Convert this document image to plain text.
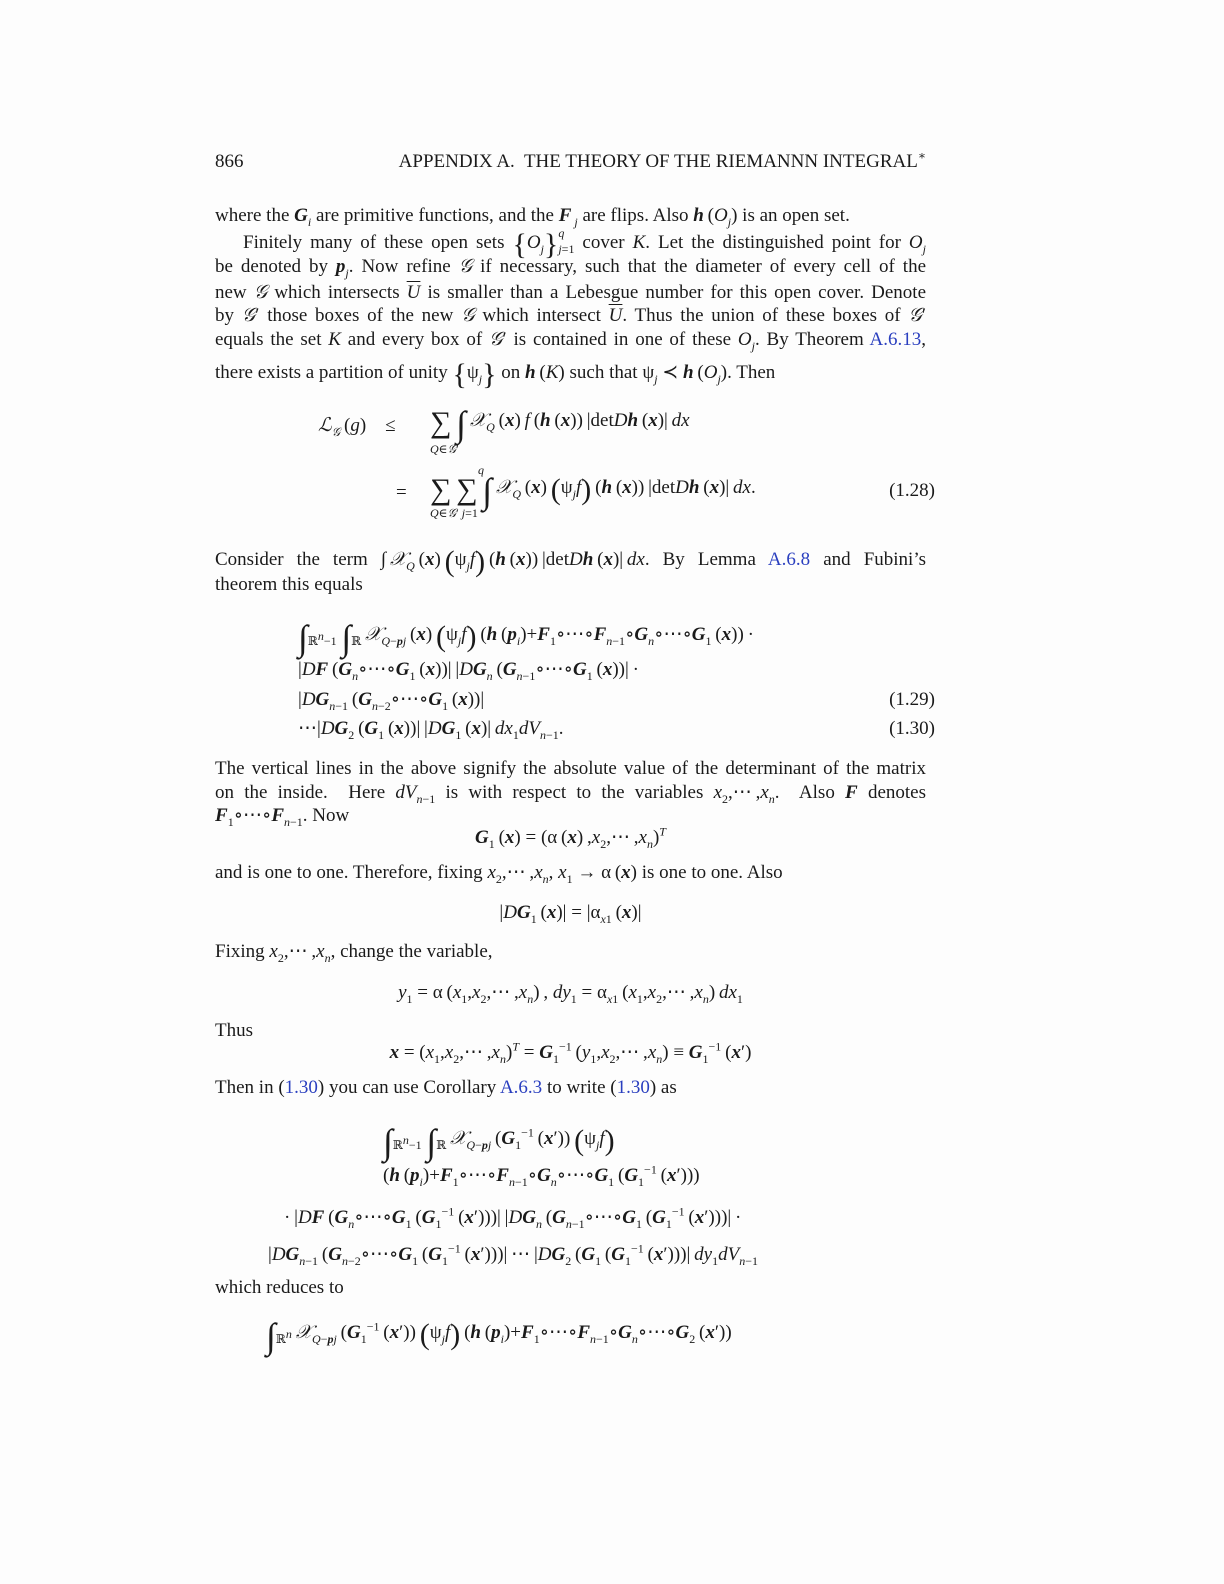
866	APPENDIX A.  THE THEORY OF THE RIEMANNN INTEGRAL∗
where the $G_i$ are primitive functions, and the F $_j$ are flips. Also h $(O_j)$ is an open set.
Finitely many of these open sets $\{O_j\}^q_{j=1}$ cover K. Let the distinguished point for $O_j$
be denoted by $p_j$. Now refine 𝒢 if necessary, such that the diameter of every cell of the
new 𝒢 which intersects $\overline{U}$ is smaller than a Lebesgue number for this open cover. Denote
by 𝒢′ those boxes of the new 𝒢 which intersect $\overline{U}$. Thus the union of these boxes of 𝒢′
equals the set K and every box of 𝒢′ is contained in one of these $O_j$. By Theorem A.6.13,
there exists a partition of unity $\{\psi_j\}$ on h (K) such that $\psi_j$ ≺ h $(O_j)$. Then
ℒ$_𝒢$ (g)    ≤ ∑ ∫  𝒳$_Q$ (x) f (h (x)) |detDh (x)| dx
Q∈𝒢′
=
q
∑ ∑ ∫  𝒳$_Q$ (x) $(\psi_jf)$ (h (x)) |detDh (x)| dx.
Q∈𝒢′ j=1
(1.28)
Consider the term ∫ 𝒳$_Q$ (x) $(\psi_jf)$ (h (x)) |detDh (x)| dx. By Lemma A.6.8 and Fubini’s
theorem this equals
$\int_{ℝ^n-1}$ $\int_ℝ$  𝒳$_{Q-pj}$ (x) $(\psi_jf)$ (h $(p_i)+F_1\circ\cdots\circ F_{n-1}\circ G_n\circ\cdots\circ G_1$ (x)) ·
|DF ($G_n\circ\cdots\circ G_1$ (x))| $|DG_n$ ($G_{n-1}\circ\cdots\circ G_1$ (x))| ·
$|DG_{n-1}$ ($G_{n-2}\circ\cdots\circ G_1$ (x))|	(1.29)
$\cdots|DG_2$ ($G_1$ (x))| $|DG_1$ (x)| $dx_1dV_{n-1}$.	(1.30)
The vertical lines in the above signify the absolute value of the determinant of the matrix
on the inside.  Here $dV_{n-1}$ is with respect to the variables $x_2,\cdots$ $,x_n$.  Also F denotes
$F_1\circ\cdots\circ F_{n-1}$. Now
$G_1$ (x) = (α (x) $,x_2,\cdots$ $,x_n)^T$
and is one to one. Therefore, fixing $x_2,\cdots$ $,x_n$, $x_1 \to \alpha$ (x) is one to one. Also
$|DG_1$ $(x)| = |\alpha_{x1}$ (x)|
Fixing $x_2,\cdots$ $,x_n$, change the variable,
$y_1 = \alpha$ ($x_1,x_2,\cdots$ $,x_n$) , $dy_1 = \alpha_{x1}$ ($x_1,x_2,\cdots$ $,x_n$) $dx_1$
Thus
$x = (x_1,x_2,\cdots$ $,x_n)^T = G_1^{-1}$ ($y_1,x_2,\cdots$ $,x_n) \equiv G_1^{-1}$ (x′)
Then in (1.30) you can use Corollary A.6.3 to write (1.30) as
$\int_{ℝ^n-1}$ $\int_ℝ$  𝒳$_{Q-pj}$ ($G_1^{-1}$ (x′)) $(\psi_jf)$
(h $(p_i)+F_1\circ\cdots\circ F_{n-1}\circ G_n\circ\cdots\circ G_1$ ($G_1^{-1}$ (x′)))
· |DF ($G_n\circ\cdots\circ G_1$ ($G_1^{-1}$ (x′)))| $|DG_n$ ($G_{n-1}\circ\cdots\circ G_1$ ($G_1^{-1}$ (x′)))| ·
$|DG_{n-1}$ ($G_{n-2}\circ\cdots\circ G_1$ ($G_1^{-1}$ (x′)))| ⋯ $|DG_2$ ($G_1$ ($G_1^{-1}$ (x′)))| $dy_1dV_{n-1}$
which reduces to
$\int_{ℝ^n}$  𝒳$_{Q-pj}$ ($G_1^{-1}$ (x′)) $(\psi_jf)$ (h $(p_i)+F_1\circ\cdots\circ F_{n-1}\circ G_n\circ\cdots\circ G_2$ (x′))
